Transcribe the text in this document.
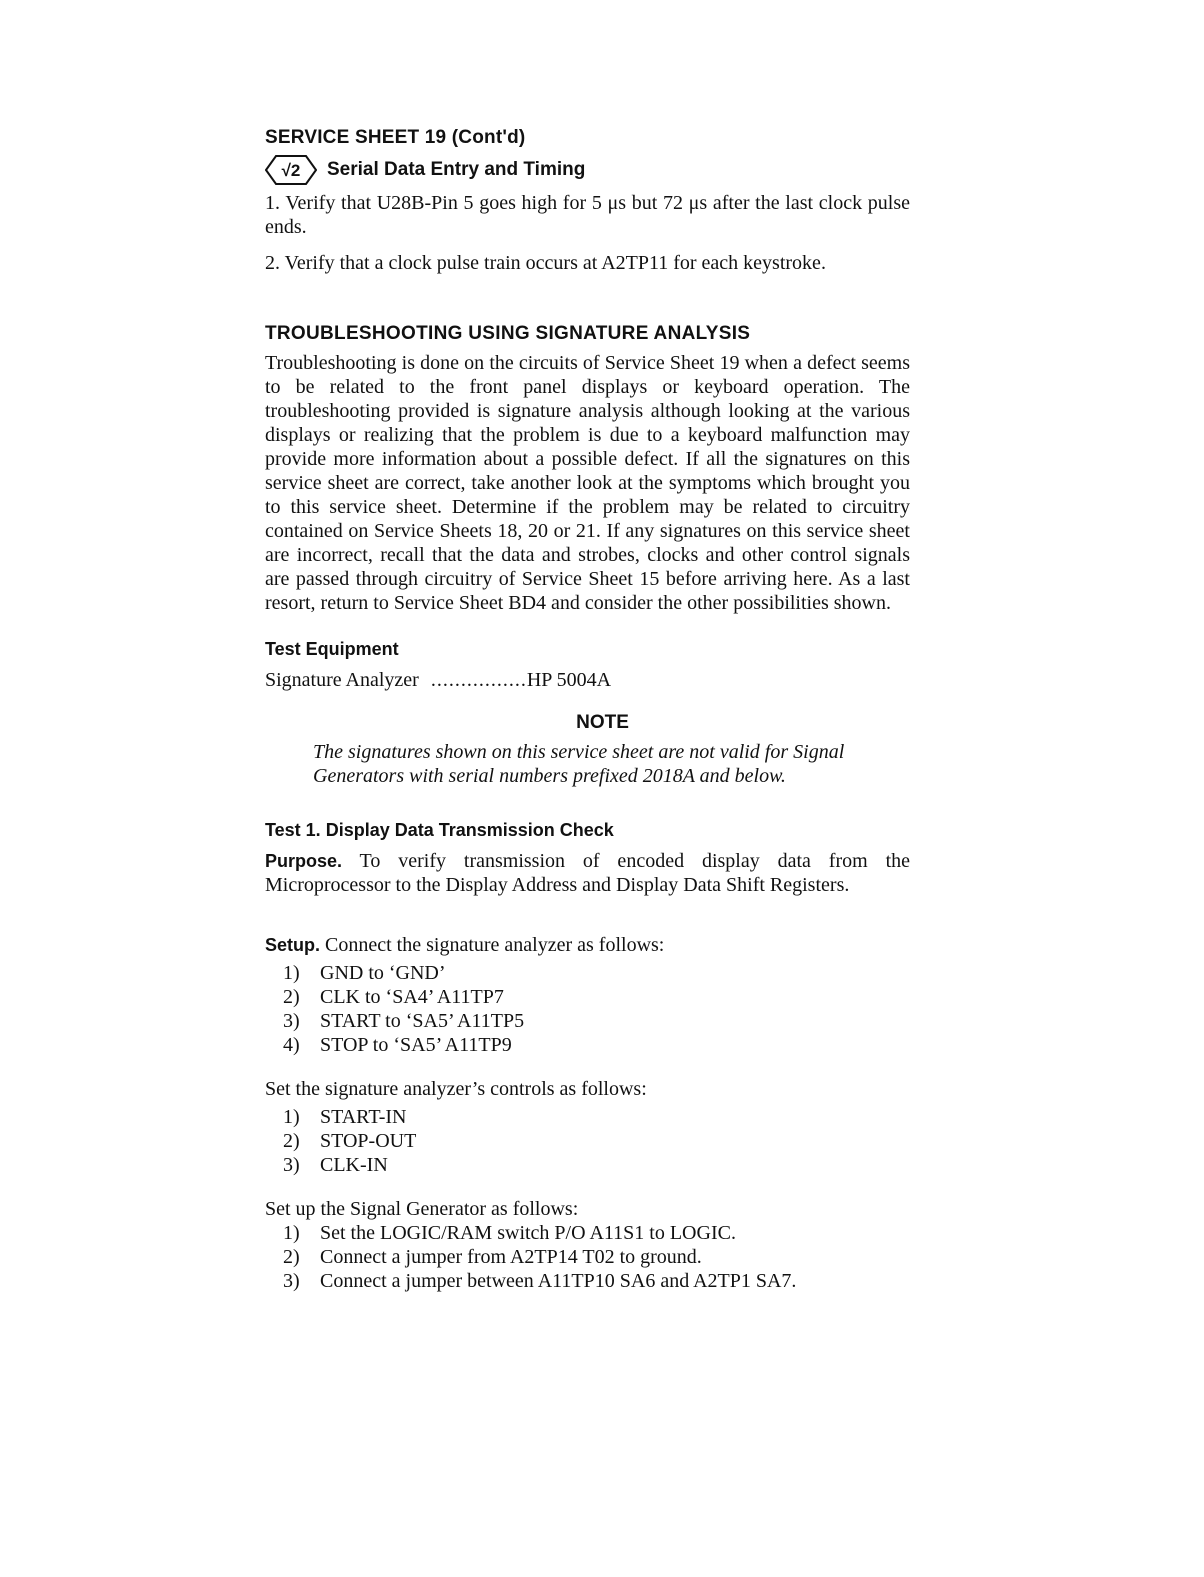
SERVICE SHEET 19 (Cont'd)
√2 Serial Data Entry and Timing

1. Verify that U28B-Pin 5 goes high for 5 μs but 72 μs after the last clock pulse ends.

2. Verify that a clock pulse train occurs at A2TP11 for each keystroke.

TROUBLESHOOTING USING SIGNATURE ANALYSIS

Troubleshooting is done on the circuits of Service Sheet 19 when a defect seems to be related to the front panel displays or keyboard operation. The troubleshooting provided is signature analysis although looking at the various displays or realizing that the problem is due to a keyboard malfunction may provide more information about a possible defect. If all the signatures on this service sheet are correct, take another look at the symptoms which brought you to this service sheet. Determine if the problem may be related to circuitry contained on Service Sheets 18, 20 or 21. If any signatures on this service sheet are incorrect, recall that the data and strobes, clocks and other control signals are passed through circuitry of Service Sheet 15 before arriving here. As a last resort, return to Service Sheet BD4 and consider the other possibilities shown.

Test Equipment
Signature Analyzer ................ HP 5004A
NOTE
The signatures shown on this service sheet are not valid for Signal Generators with serial numbers prefixed 2018A and below.
Test 1. Display Data Transmission Check

Purpose. To verify transmission of encoded display data from the Microprocessor to the Display Address and Display Data Shift Registers.

Setup. Connect the signature analyzer as follows:

1)	GND to ‘GND’
2)	CLK to ‘SA4’ A11TP7
3)	START to ‘SA5’ A11TP5
4)	STOP to ‘SA5’ A11TP9

Set the signature analyzer’s controls as follows:

1)	START-IN
2)	STOP-OUT
3)	CLK-IN

Set up the Signal Generator as follows:

1)	Set the LOGIC/RAM switch P/O A11S1 to LOGIC.
2)	Connect a jumper from A2TP14 T02 to ground.
3)	Connect a jumper between A11TP10 SA6 and A2TP1 SA7.
